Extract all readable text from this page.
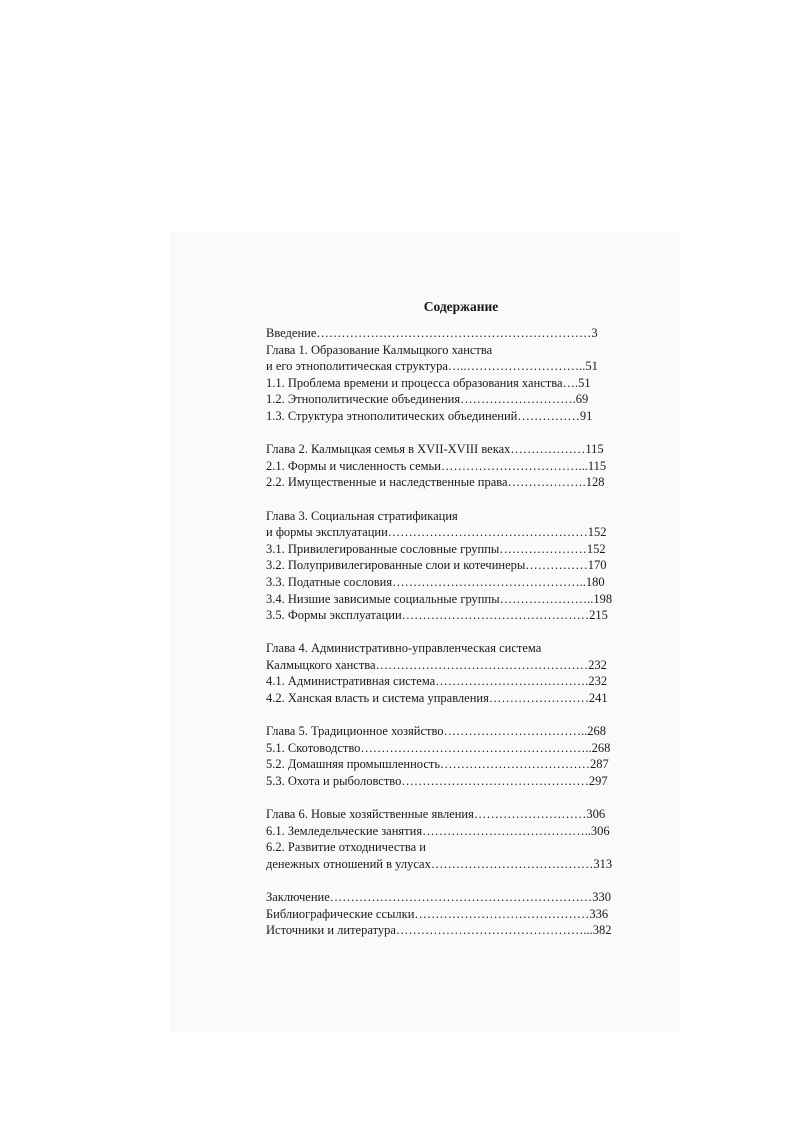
Содержание
Введение…………………………………………………………3
Глава 1. Образование Калмыцкого ханства
и его этнополитическая структура…..………………………..51
1.1. Проблема времени и процесса образования ханства….51
1.2. Этнополитические объединения……………………….69
1.3. Структура этнополитических объединений……………91
Глава 2. Калмыцкая семья в XVII-XVIII веках………………115
2.1. Формы и численность семьи……………………………...115
2.2. Имущественные и наследственные права……………….128
Глава 3. Социальная стратификация
и формы эксплуатации…………………………………………152
3.1. Привилегированные сословные группы…………………152
3.2. Полупривилегированные слои и котечинеры……………170
3.3. Податные сословия………………………………………..180
3.4. Низшие зависимые социальные группы…………………..198
3.5. Формы эксплуатации………………………………………215
Глава 4. Административно-управленческая система
Калмыцкого ханства……………………………………………232
4.1. Административная система……………………………….232
4.2. Ханская власть и система управления……………………241
Глава 5. Традиционное хозяйство……………………………..268
5.1. Скотоводство………………………………………………..268
5.2. Домашняя промышленность………………………………287
5.3. Охота и рыболовство………………………………………297
Глава 6. Новые хозяйственные явления………………………306
6.1. Земледельческие занятия…………………………………..306
6.2. Развитие отходничества и
денежных отношений в улусах…………………………………313
Заключение………………………………………………………330
Библиографические ссылки……………………………………336
Источники и литература………………………………………...382
